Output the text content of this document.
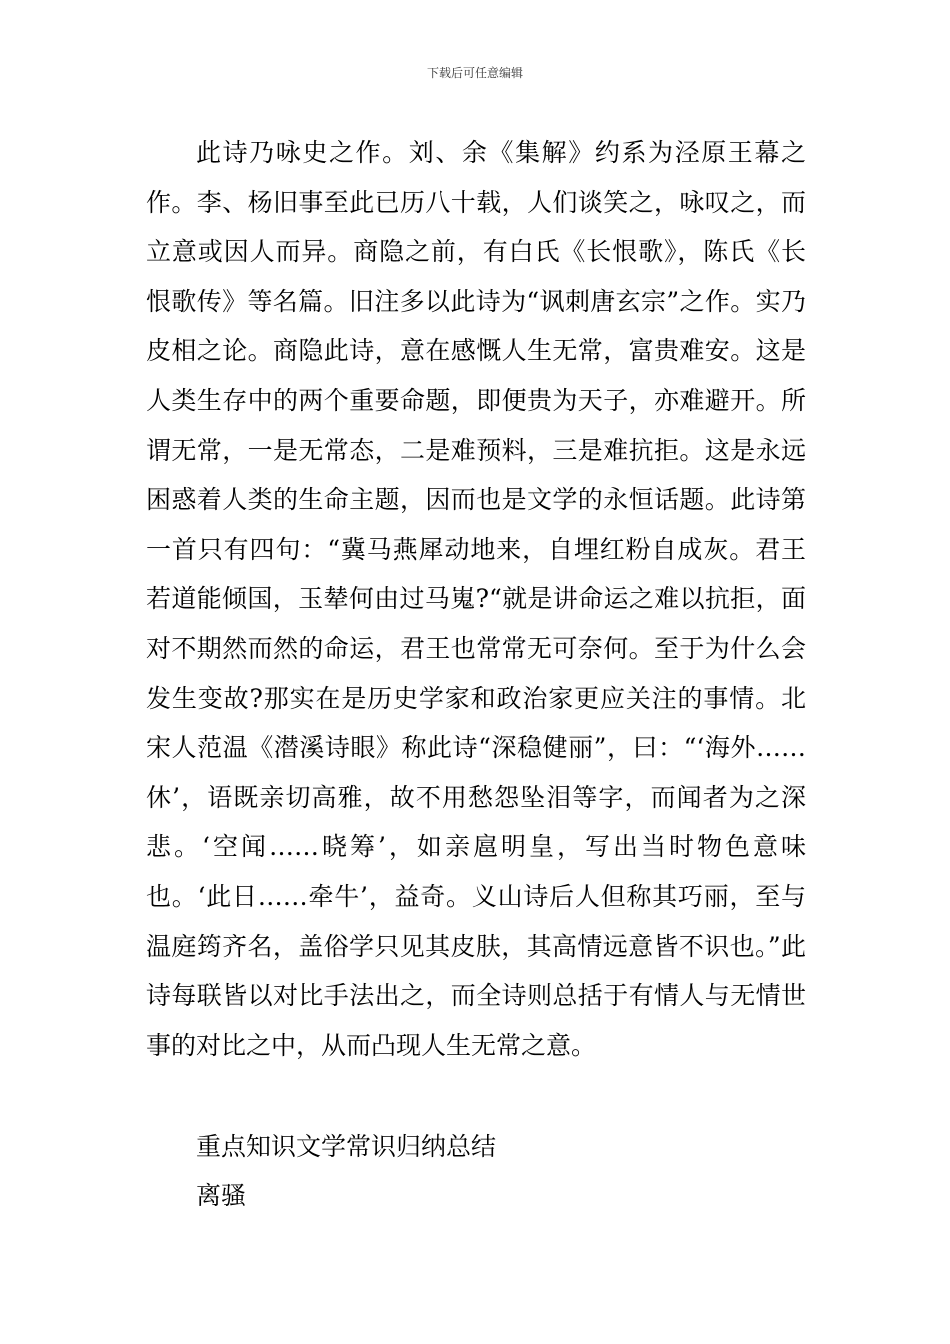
下载后可任意编辑

此诗乃咏史之作。刘、余《集解》约系为泾原王幕之作。李、杨旧事至此已历八十载，人们谈笑之，咏叹之，而立意或因人而异。商隐之前，有白氏《长恨歌》，陈氏《长恨歌传》等名篇。旧注多以此诗为“讽刺唐玄宗”之作。实乃皮相之论。商隐此诗，意在感慨人生无常，富贵难安。这是人类生存中的两个重要命题，即便贵为天子，亦难避开。所谓无常，一是无常态，二是难预料，三是难抗拒。这是永远困惑着人类的生命主题，因而也是文学的永恒话题。此诗第一首只有四句：“冀马燕犀动地来，自埋红粉自成灰。君王若道能倾国，玉辇何由过马嵬?“就是讲命运之难以抗拒，面对不期然而然的命运，君王也常常无可奈何。至于为什么会发生变故?那实在是历史学家和政治家更应关注的事情。北宋人范温《潜溪诗眼》称此诗“深稳健丽”，曰：“‘海外……休’，语既亲切高雅，故不用愁怨坠泪等字，而闻者为之深悲。‘空闻……晓筹’，如亲扈明皇，写出当时物色意味也。‘此日……牵牛’，益奇。义山诗后人但称其巧丽，至与温庭筠齐名，盖俗学只见其皮肤，其高情远意皆不识也。”此诗每联皆以对比手法出之，而全诗则总括于有情人与无情世事的对比之中，从而凸现人生无常之意。

重点知识文学常识归纳总结

离骚
